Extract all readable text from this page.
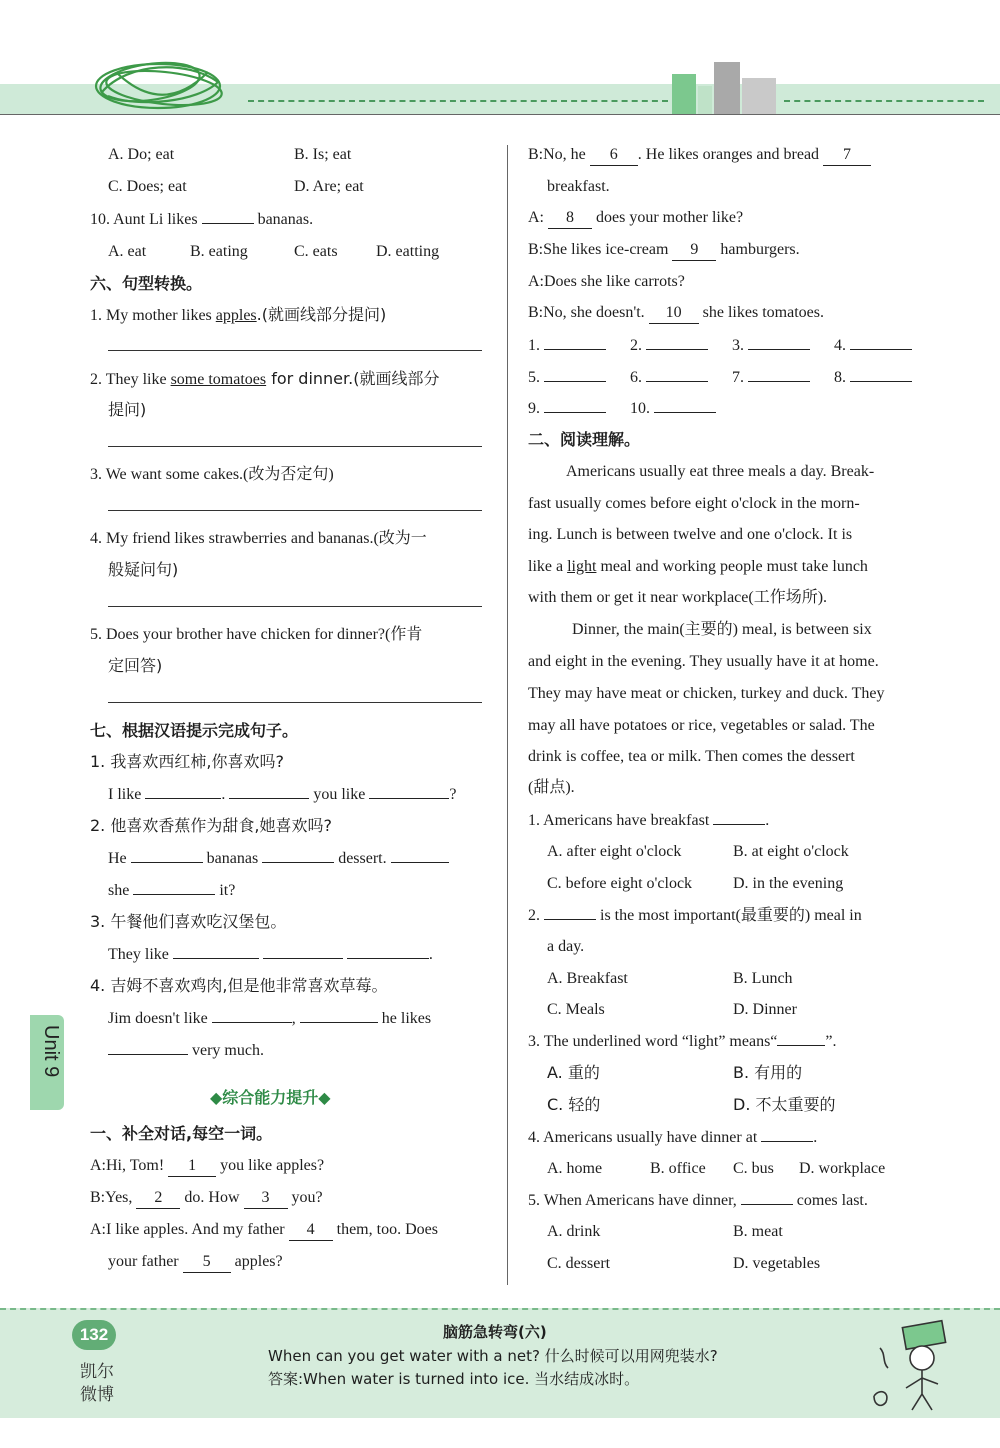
A. Do; eat	B. Is; eat
C. Does; eat	D. Are; eat
10. Aunt Li likes	bananas.
A. eat	B. eating	C. eats D. eatting
六、句型转换。
1. My mother likes apples.(就画线部分提问)
2. They like some tomatoes for dinner.(就画线部分
提问)
3. We want some cakes.(改为否定句)
4. My friend likes strawberries and bananas.(改为一
般疑问句)
5. Does your brother have chicken for dinner?(作肯
定回答)
七、根据汉语提示完成句子。
1. 我喜欢西红柿,你喜欢吗?
I like	.	you like	?
2. 他喜欢香蕉作为甜食,她喜欢吗?
He	bananas	dessert.
she	it?
3. 午餐他们喜欢吃汉堡包。
They like	.
4. 吉姆不喜欢鸡肉,但是他非常喜欢草莓。
Jim doesn't like	,	he likes
very much.
◆综合能力提升◆
一、补全对话,每空一词。
A:Hi, Tom! 1 you like apples?
B:Yes, 2 do. How 3 you?
A:I like apples. And my father 4 them, too. Does
your father 5 apples?
Unit 9
B:No, he 6 . He likes oranges and bread 7
breakfast.
A: 8 does your mother like?
B:She likes ice-cream 9 hamburgers.
A:Does she like carrots?
B:No, she doesn't. 10 she likes tomatoes.
1.	2.	3.	4.
5.	6.	7.	8.
9.	10.
二、阅读理解。
Americans usually eat three meals a day. Break-
fast usually comes before eight o'clock in the morn-
ing. Lunch is between twelve and one o'clock. It is
like a light meal and working people must take lunch
with them or get it near workplace(工作场所).
Dinner, the main(主要的) meal, is between six
and eight in the evening. They usually have it at home.
They may have meat or chicken, turkey and duck. They
may all have potatoes or rice, vegetables or salad. The
drink is coffee, tea or milk. Then comes the dessert
(甜点).
1. Americans have breakfast	.
A. after eight o'clock	B. at eight o'clock
C. before eight o'clock	D. in the evening
2.	is the most important(最重要的) meal in
a day.
A. Breakfast	B. Lunch
C. Meals	D. Dinner
3. The underlined word “light” means“	”.
A. 重的	B. 有用的
C. 轻的	D. 不太重要的
4. Americans usually have dinner at	.
A. home	B. office C. bus D. workplace
5. When Americans have dinner,	comes last.
A. drink	B. meat
C. dessert	D. vegetables
132
凯尔
微博
脑筋急转弯(六)
When can you get water with a net? 什么时候可以用网兜装水?
答案:When water is turned into ice. 当水结成冰时。
